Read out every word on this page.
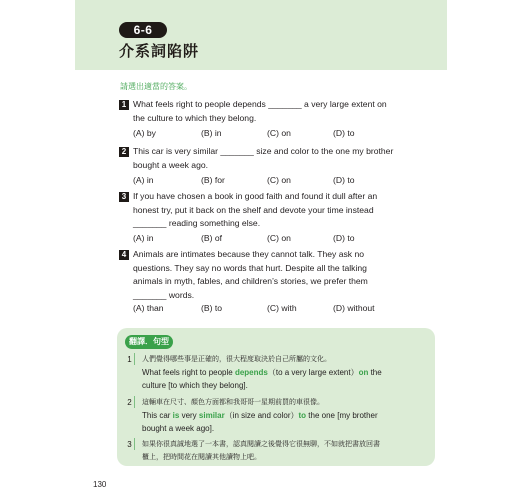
6-6
介系詞陷阱
請選出適當的答案。
1 What feels right to people depends _______ a very large extent on
the culture to which they belong.
(A) by	(B) in	(C) on	(D) to
2 This car is very similar _______ size and color to the one my brother
bought a week ago.
(A) in	(B) for	(C) on	(D) to
3 If you have chosen a book in good faith and found it dull after an
honest try, put it back on the shelf and devote your time instead
_______ reading something else.
(A) in	(B) of	(C) on	(D) to
4 Animals are intimates because they cannot talk. They ask no
questions. They say no words that hurt. Despite all the talking
animals in myth, fables, and children’s stories, we prefer them
_______ words.
(A) than	(B) to	(C) with	(D) without
翻譯．句型
1	人們覺得哪些事是正確的，很大程度取決於自己所屬的文化。
What feels right to people depends（to a very large extent）on the
culture [to which they belong].
2	這輛車在尺寸、顏色方面都和我哥哥一星期前買的車很像。
This car is very similar（in size and color）to the one [my brother
bought a week ago].
3	如果你很真誠地選了一本書，認真閱讀之後覺得它很無聊，不如就把書放回書
櫃上，把時間花在閱讀其他讀物上吧。
130
